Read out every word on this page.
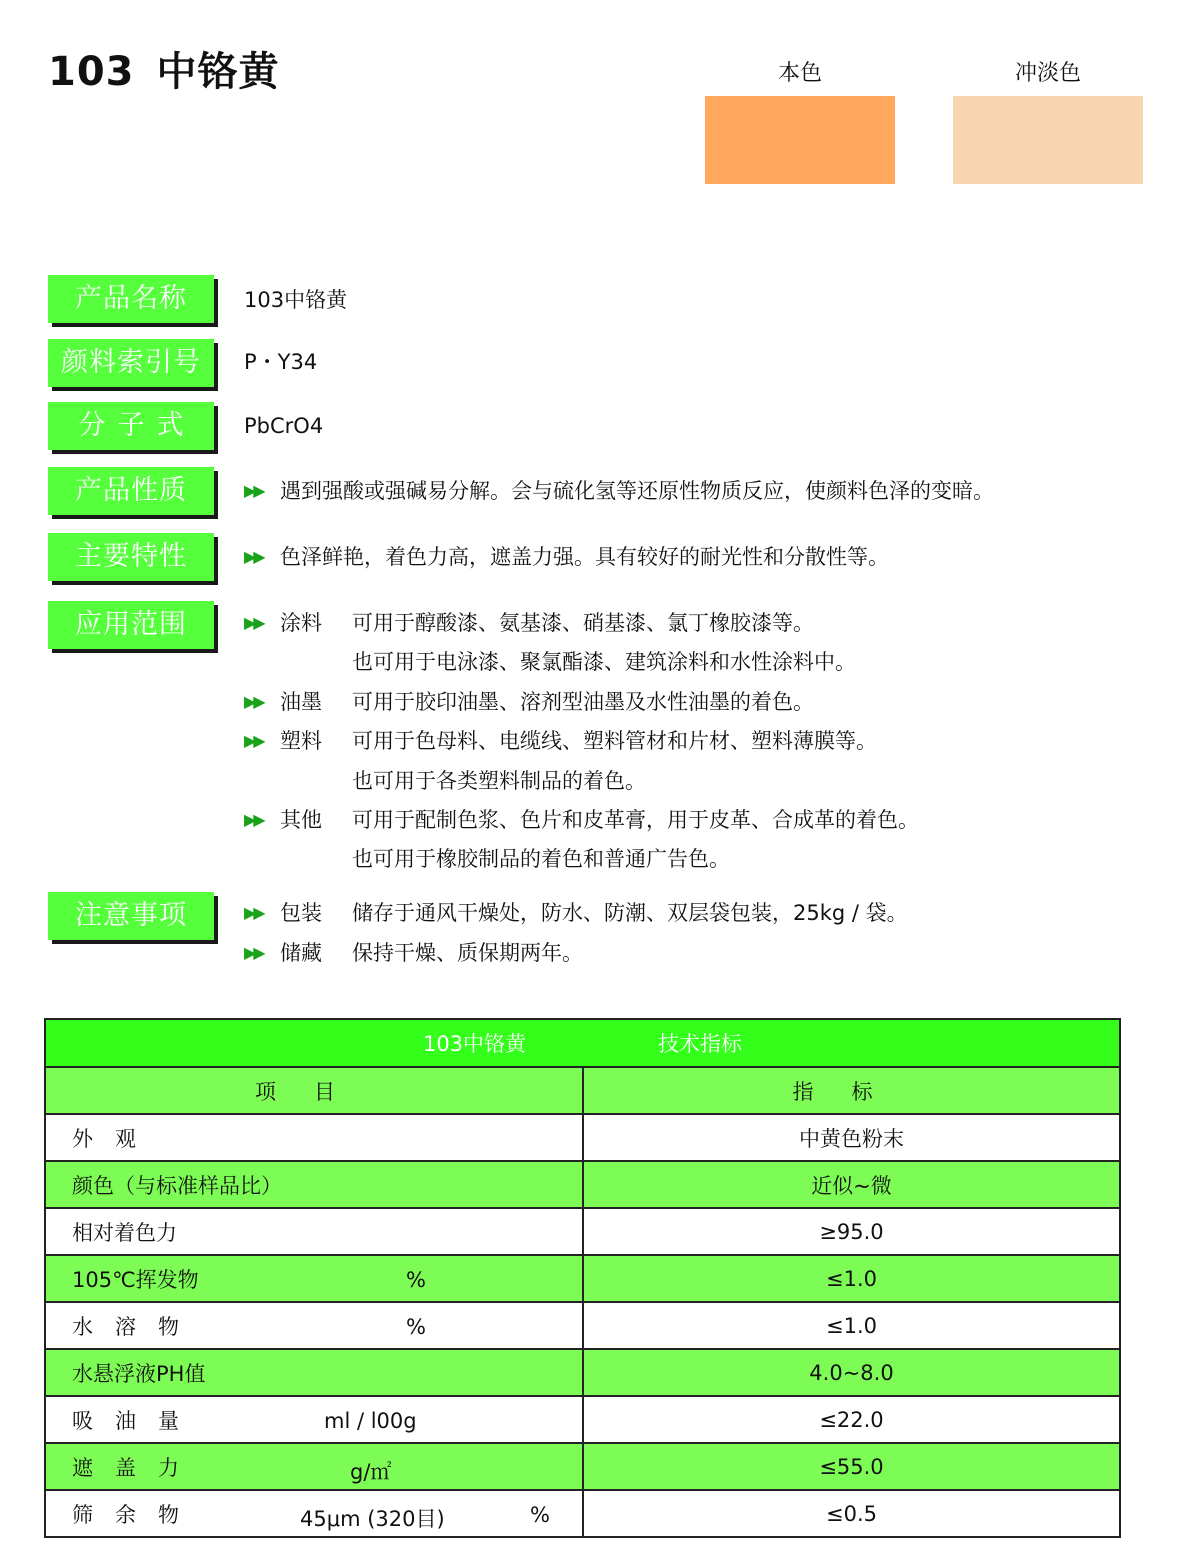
103 中铬黄	本色	冲淡色
产品名称	103中铬黄
颜料索引号	P・Y34
分子式	PbCrO4
产品性质	▶▶ 遇到强酸或强碱易分解。会与硫化氢等还原性物质反应，使颜料色泽的变暗。
主要特性	▶▶ 色泽鲜艳，着色力高，遮盖力强。具有较好的耐光性和分散性等。
应用范围	▶▶ 涂料 可用于醇酸漆、氨基漆、硝基漆、氯丁橡胶漆等。
也可用于电泳漆、聚氯酯漆、建筑涂料和水性涂料中。
▶▶ 油墨 可用于胶印油墨、溶剂型油墨及水性油墨的着色。
▶▶ 塑料 可用于色母料、电缆线、塑料管材和片材、塑料薄膜等。
也可用于各类塑料制品的着色。
▶▶ 其他 可用于配制色浆、色片和皮革膏，用于皮革、合成革的着色。
也可用于橡胶制品的着色和普通广告色。
注意事项	▶▶ 包装 储存于通风干燥处，防水、防潮、双层袋包装，25kg / 袋。
▶▶ 储藏 保持干燥、质保期两年。
103中铬黄 技术指标	
项目	指标
外观	中黄色粉末
颜色（与标准样品比）	近似~微
相对着色力	≥95.0
105℃挥发物 %	≤1.0
水溶物 %	≤1.0
水悬浮液PH值	4.0~8.0
吸油量 ml / l00g	≤22.0
遮盖力 g/㎡	≤55.0
筛余物 45μm (320目) %	≤0.5
